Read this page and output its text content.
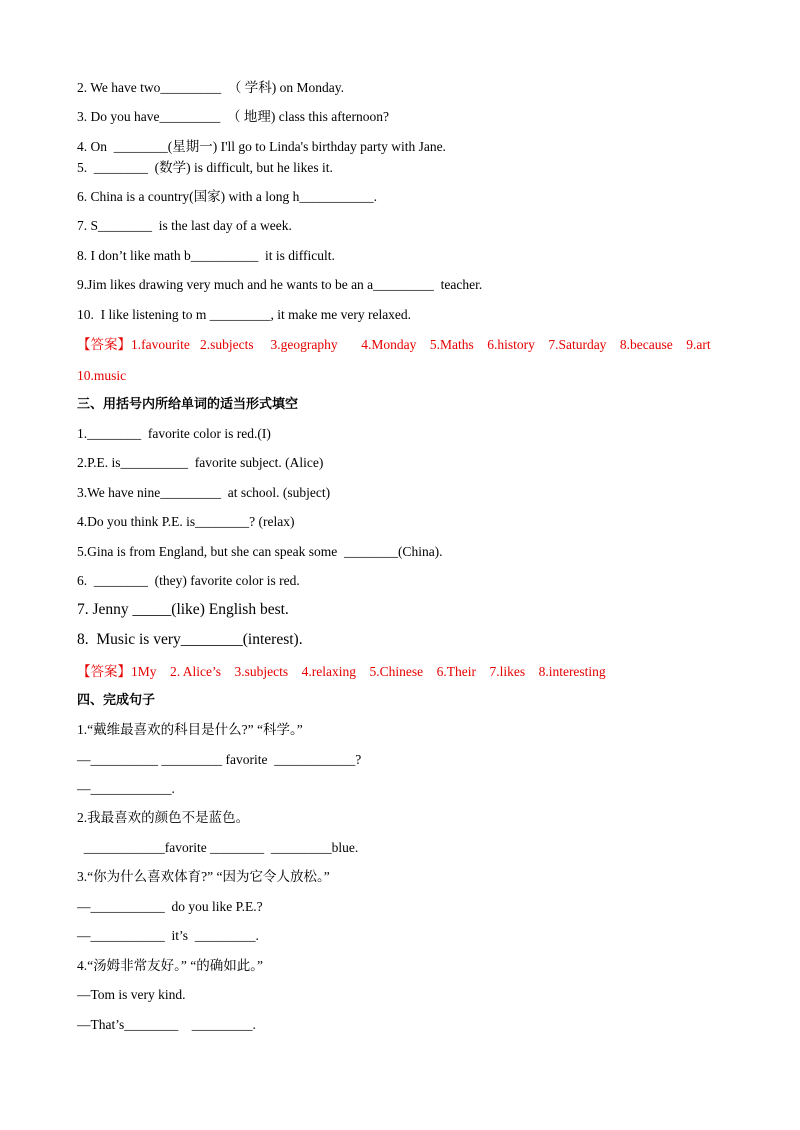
2. We have two_________  （ 学科) on Monday.
3. Do you have_________  （ 地理) class this afternoon?
4. On  ________(星期一) I'll go to Linda's birthday party with Jane.
5.  ________  (数学) is difficult, but he likes it.
6. China is a country(国家) with a long h___________.
7. S________  is the last day of a week.
8. I don’t like math b__________  it is difficult.
9.Jim likes drawing very much and he wants to be an a_________  teacher.
10.  I like listening to m _________, it make me very relaxed.
【答案】1.favourite   2.subjects     3.geography       4.Monday    5.Maths    6.history    7.Saturday    8.because    9.art
10.music
三、用括号内所给单词的适当形式填空
1.________  favorite color is red.(I)
2.P.E. is__________  favorite subject. (Alice)
3.We have nine_________  at school. (subject)
4.Do you think P.E. is________? (relax)
5.Gina is from England, but she can speak some  ________(China).
6.  ________  (they) favorite color is red.
7. Jenny _____(like) English best.
8.  Music is very________(interest).
【答案】1My    2. Alice’s    3.subjects    4.relaxing    5.Chinese    6.Their    7.likes    8.interesting
四、完成句子
1.“戴维最喜欢的科目是什么?” “科学。”
—__________ _________ favorite  ____________?
—____________.
2.我最喜欢的颜色不是蓝色。
____________favorite ________  _________blue.
3.“你为什么喜欢体育?” “因为它令人放松。”
—___________  do you like P.E.?
—___________  it’s  _________.
4.“汤姆非常友好。” “的确如此。”
—Tom is very kind.
—That’s________    _________.
